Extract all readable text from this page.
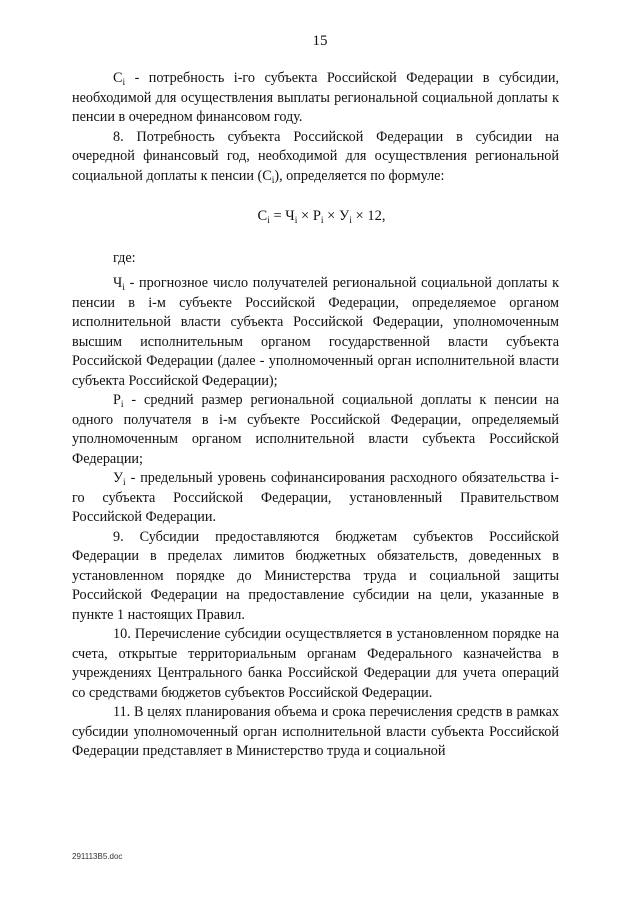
15

$С_i$ - потребность i-го субъекта Российской Федерации в субсидии, необходимой для осуществления выплаты региональной социальной доплаты к пенсии в очередном финансовом году.

8. Потребность субъекта Российской Федерации в субсидии на очередной финансовый год, необходимой для осуществления региональной социальной доплаты к пенсии $(С_i)$, определяется по формуле:

$С_i = Ч_i \times Р_i \times У_i \times 12$,

где:

$Ч_i$ - прогнозное число получателей региональной социальной доплаты к пенсии в i-м субъекте Российской Федерации, определяемое органом исполнительной власти субъекта Российской Федерации, уполномоченным высшим исполнительным органом государственной власти субъекта Российской Федерации (далее - уполномоченный орган исполнительной власти субъекта Российской Федерации);

$Р_i$ - средний размер региональной социальной доплаты к пенсии на одного получателя в i-м субъекте Российской Федерации, определяемый уполномоченным органом исполнительной власти субъекта Российской Федерации;

$У_i$ - предельный уровень софинансирования расходного обязательства i-го субъекта Российской Федерации, установленный Правительством Российской Федерации.

9. Субсидии предоставляются бюджетам субъектов Российской Федерации в пределах лимитов бюджетных обязательств, доведенных в установленном порядке до Министерства труда и социальной защиты Российской Федерации на предоставление субсидии на цели, указанные в пункте 1 настоящих Правил.

10. Перечисление субсидии осуществляется в установленном порядке на счета, открытые территориальным органам Федерального казначейства в учреждениях Центрального банка Российской Федерации для учета операций со средствами бюджетов субъектов Российской Федерации.

11. В целях планирования объема и срока перечисления средств в рамках субсидии уполномоченный орган исполнительной власти субъекта Российской Федерации представляет в Министерство труда и социальной

291113B5.doc
